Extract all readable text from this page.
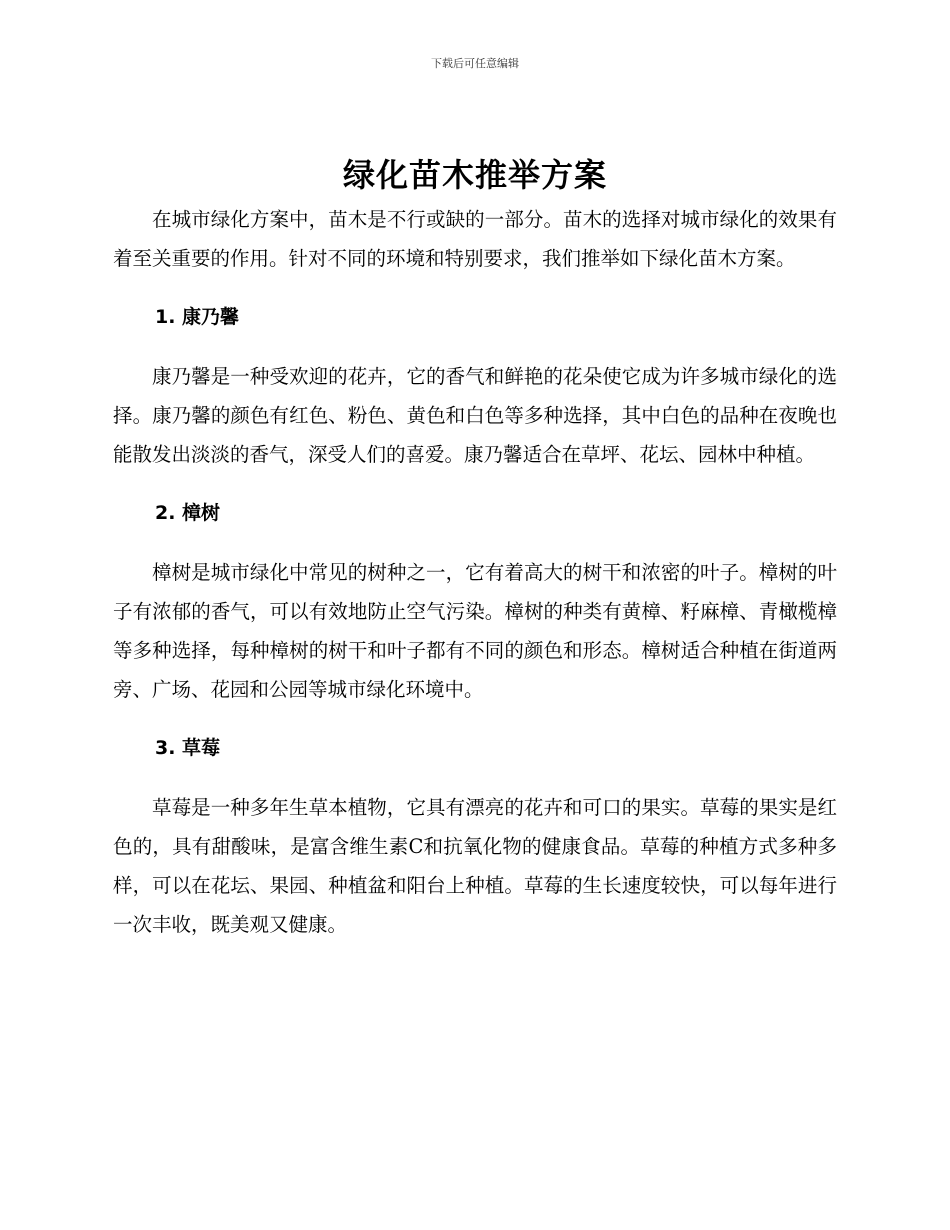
下载后可任意编辑
绿化苗木推举方案

在城市绿化方案中，苗木是不行或缺的一部分。苗木的选择对城市绿化的效果有着至关重要的作用。针对不同的环境和特别要求，我们推举如下绿化苗木方案。

1. 康乃馨

康乃馨是一种受欢迎的花卉，它的香气和鲜艳的花朵使它成为许多城市绿化的选择。康乃馨的颜色有红色、粉色、黄色和白色等多种选择，其中白色的品种在夜晚也能散发出淡淡的香气，深受人们的喜爱。康乃馨适合在草坪、花坛、园林中种植。

2. 樟树

樟树是城市绿化中常见的树种之一，它有着高大的树干和浓密的叶子。樟树的叶子有浓郁的香气，可以有效地防止空气污染。樟树的种类有黄樟、籽麻樟、青橄榄樟等多种选择，每种樟树的树干和叶子都有不同的颜色和形态。樟树适合种植在街道两旁、广场、花园和公园等城市绿化环境中。

3. 草莓

草莓是一种多年生草本植物，它具有漂亮的花卉和可口的果实。草莓的果实是红色的，具有甜酸味，是富含维生素C和抗氧化物的健康食品。草莓的种植方式多种多样，可以在花坛、果园、种植盆和阳台上种植。草莓的生长速度较快，可以每年进行一次丰收，既美观又健康。
